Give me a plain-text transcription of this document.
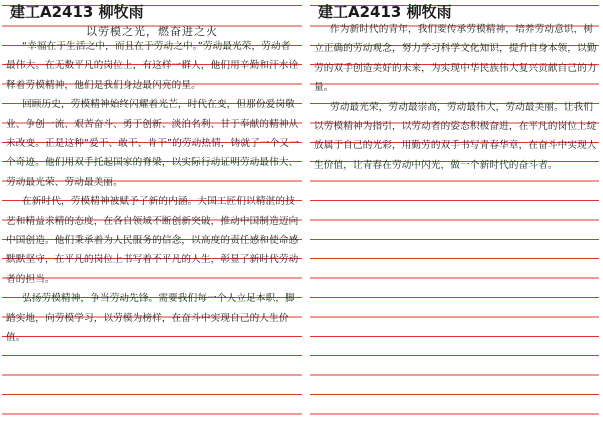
建工A2413 柳牧雨
以劳模之光，燃奋进之火
“幸福在于生活之中，而且在于劳动之中。”劳动最光荣，劳动者最伟大。在无数平凡的岗位上，有这样一群人，他们用辛勤和汗水诠释着劳模精神，他们是我们身边最闪亮的星。
回顾历史，劳模精神始终闪耀着光芒，时代在变，但那份爱岗敬业、争创一流、艰苦奋斗、勇于创新、淡泊名利、甘于奉献的精神从未改变。正是这种“爱干、敢干、肯干”的劳动热情，铸就了一个又一个奇迹。他们用双手托起国家的脊梁，以实际行动证明劳动最伟大、劳动最光荣、劳动最美丽。
在新时代，劳模精神被赋予了新的内涵。大国工匠们以精湛的技艺和精益求精的态度，在各自领域不断创新突破，推动中国制造迈向中国创造。他们秉承着为人民服务的信念，以高度的责任感和使命感默默坚守，在平凡的岗位上书写着不平凡的人生，彰显了新时代劳动者的担当。
弘扬劳模精神，争当劳动先锋。需要我们每一个人立足本职，脚踏实地，向劳模学习，以劳模为榜样，在奋斗中实现自己的人生价值。
建工A2413 柳牧雨
作为新时代的青年，我们要传承劳模精神，培养劳动意识，树立正确的劳动观念，努力学习科学文化知识，提升自身本领，以勤劳的双手创造美好的未来，为实现中华民族伟大复兴贡献自己的力量。
劳动最光荣，劳动最崇高，劳动最伟大，劳动最美丽。让我们以劳模精神为指引，以劳动者的姿态积极奋进，在平凡的岗位上绽放属于自己的光彩，用勤劳的双手书写青春华章，在奋斗中实现人生价值，让青春在劳动中闪光，做一个新时代的奋斗者。
